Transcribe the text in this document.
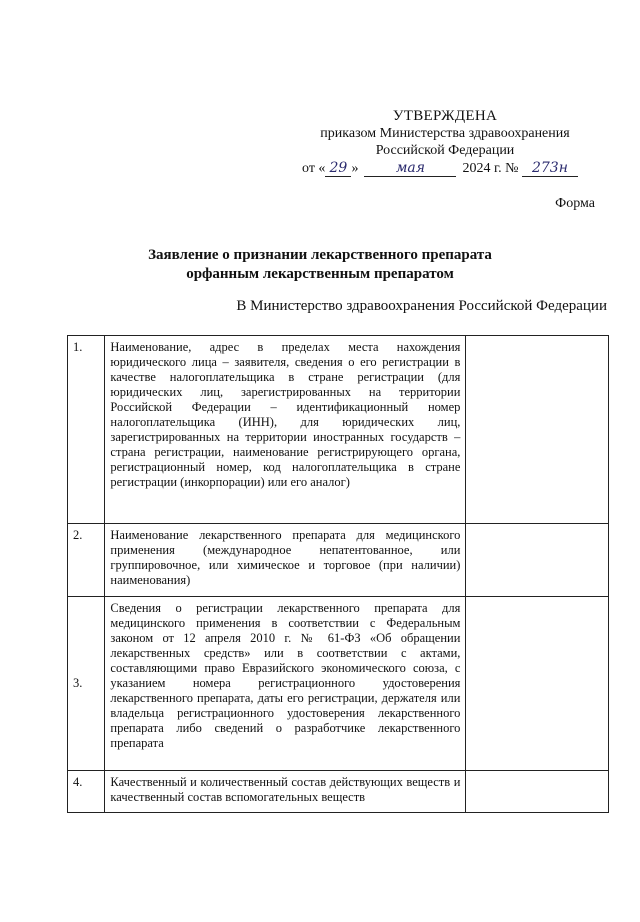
УТВЕРЖДЕНА
приказом Министерства здравоохранения
Российской Федерации
от « 29 »	мая	2024 г. № 273н
Форма
Заявление о признании лекарственного препарата
орфанным лекарственным препаратом
В Министерство здравоохранения Российской Федерации
1.	Наименование, адрес в пределах места нахождения юридического лица – заявителя, сведения о его регистрации в качестве налогоплательщика в стране регистрации (для юридических лиц, зарегистрированных на территории Российской Федерации – идентификационный номер налогоплательщика (ИНН), для юридических лиц, зарегистрированных на территории иностранных государств – страна регистрации, наименование регистрирующего органа, регистрационный номер, код налогоплательщика в стране регистрации (инкорпорации) или его аналог)	
2.	Наименование лекарственного препарата для медицинского применения (международное непатентованное, или группировочное, или химическое и торговое (при наличии) наименования)	
3.	Сведения о регистрации лекарственного препарата для медицинского применения в соответствии с Федеральным законом от 12 апреля 2010 г. № 61-ФЗ «Об обращении лекарственных средств» или в соответствии с актами, составляющими право Евразийского экономического союза, с указанием номера регистрационного удостоверения лекарственного препарата, даты его регистрации, держателя или владельца регистрационного удостоверения лекарственного препарата либо сведений о разработчике лекарственного препарата	
4.	Качественный и количественный состав действующих веществ и качественный состав вспомогательных веществ	
